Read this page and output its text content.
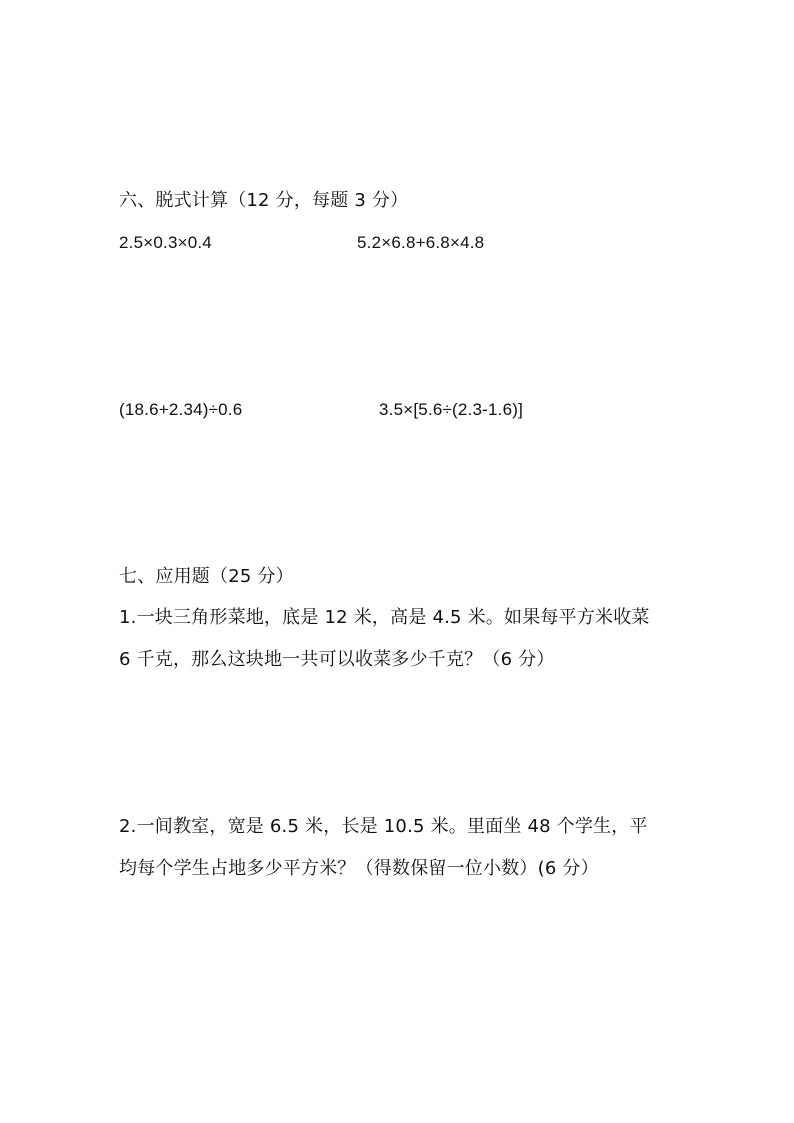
六、脱式计算（12 分，每题 3 分）
2.5×0.3×0.4	5.2×6.8+6.8×4.8
(18.6+2.34)÷0.6	3.5×[5.6÷(2.3-1.6)]
七、应用题（25 分）
1.一块三角形菜地，底是 12 米，高是 4.5 米。如果每平方米收菜
6 千克，那么这块地一共可以收菜多少千克？（6 分）
2.一间教室，宽是 6.5 米，长是 10.5 米。里面坐 48 个学生，平
均每个学生占地多少平方米？（得数保留一位小数）(6 分）
